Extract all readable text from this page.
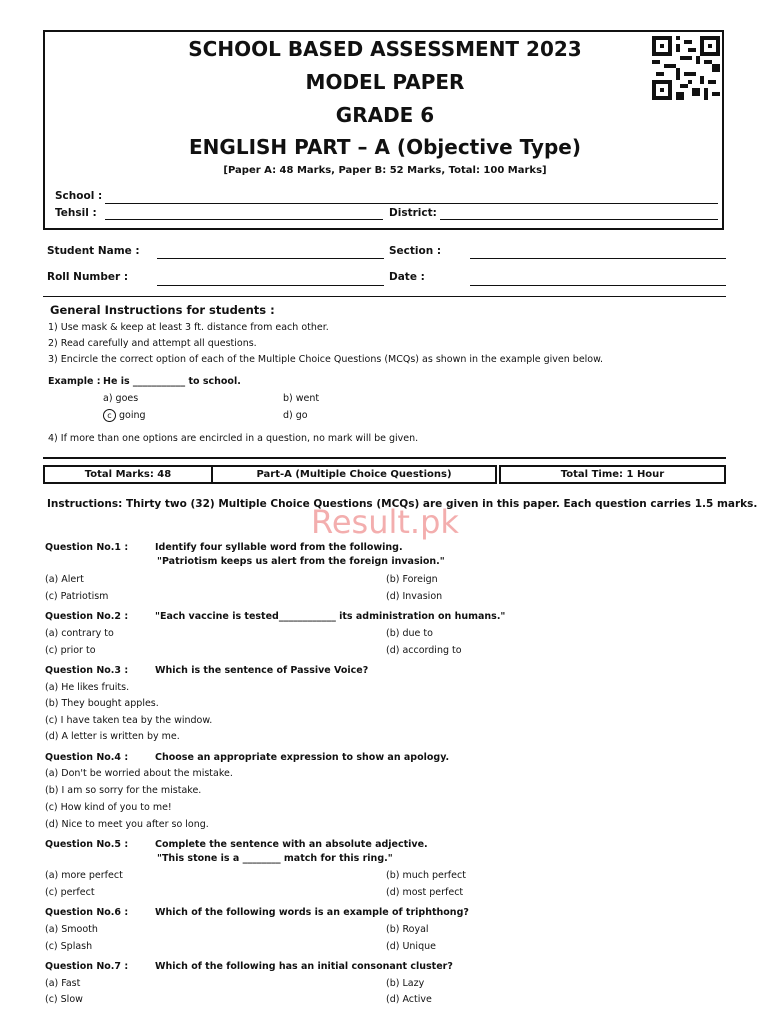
SCHOOL BASED ASSESSMENT 2023
MODEL PAPER
GRADE 6
ENGLISH PART – A (Objective Type)
[Paper A: 48 Marks, Paper B: 52 Marks, Total: 100 Marks]
School :
Tehsil :	District:
Student Name :	Section :
Roll Number :	Date :
General Instructions for students :
1) Use mask & keep at least 3 ft. distance from each other.
2) Read carefully and attempt all questions.
3) Encircle the correct option of each of the Multiple Choice Questions (MCQs) as shown in the example given below.
Example : He is ___________ to school.
a) goes	b) went
c going	d) go
4) If more than one options are encircled in a question, no mark will be given.
Total Marks: 48	Part-A (Multiple Choice Questions)	Total Time: 1 Hour
Instructions: Thirty two (32) Multiple Choice Questions (MCQs) are given in this paper. Each question carries 1.5 marks.
Result.pk
Question No.1 :	Identify four syllable word from the following.
"Patriotism keeps us alert from the foreign invasion."
(a) Alert	(b) Foreign
(c) Patriotism	(d) Invasion
Question No.2 :	"Each vaccine is tested____________ its administration on humans."
(a) contrary to	(b) due to
(c) prior to	(d) according to
Question No.3 :	Which is the sentence of Passive Voice?
(a) He likes fruits.
(b) They bought apples.
(c) I have taken tea by the window.
(d) A letter is written by me.
Question No.4 :	Choose an appropriate expression to show an apology.
(a) Don't be worried about the mistake.
(b) I am so sorry for the mistake.
(c) How kind of you to me!
(d) Nice to meet you after so long.
Question No.5 :	Complete the sentence with an absolute adjective.
"This stone is a ________ match for this ring."
(a) more perfect	(b) much perfect
(c) perfect	(d) most perfect
Question No.6 :	Which of the following words is an example of triphthong?
(a) Smooth	(b) Royal
(c) Splash	(d) Unique
Question No.7 :	Which of the following has an initial consonant cluster?
(a) Fast	(b) Lazy
(c) Slow	(d) Active
